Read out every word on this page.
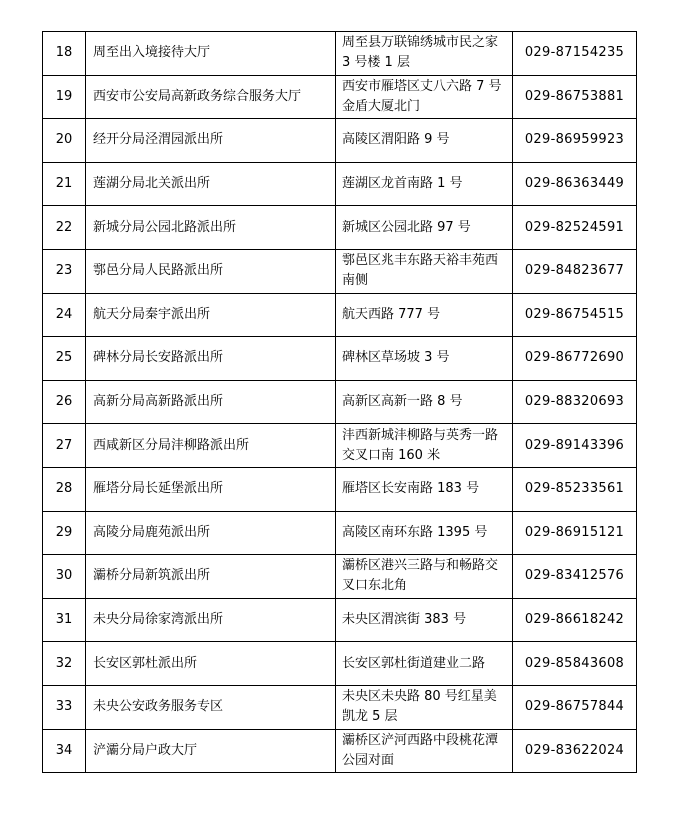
18	周至出入境接待大厅	周至县万联锦绣城市民之家 3 号楼 1 层	029-87154235
19	西安市公安局高新政务综合服务大厅	西安市雁塔区丈八六路 7 号金盾大厦北门	029-86753881
20	经开分局泾渭园派出所	高陵区渭阳路 9 号	029-86959923
21	莲湖分局北关派出所	莲湖区龙首南路 1 号	029-86363449
22	新城分局公园北路派出所	新城区公园北路 97 号	029-82524591
23	鄠邑分局人民路派出所	鄠邑区兆丰东路天裕丰苑西南侧	029-84823677
24	航天分局秦宇派出所	航天西路 777 号	029-86754515
25	碑林分局长安路派出所	碑林区草场坡 3 号	029-86772690
26	高新分局高新路派出所	高新区高新一路 8 号	029-88320693
27	西咸新区分局沣柳路派出所	沣西新城沣柳路与英秀一路交叉口南 160 米	029-89143396
28	雁塔分局长延堡派出所	雁塔区长安南路 183 号	029-85233561
29	高陵分局鹿苑派出所	高陵区南环东路 1395 号	029-86915121
30	灞桥分局新筑派出所	灞桥区港兴三路与和畅路交叉口东北角	029-83412576
31	未央分局徐家湾派出所	未央区渭滨街 383 号	029-86618242
32	长安区郭杜派出所	长安区郭杜街道建业二路	029-85843608
33	未央公安政务服务专区	未央区未央路 80 号红星美凯龙 5 层	029-86757844
34	浐灞分局户政大厅	灞桥区浐河西路中段桃花潭公园对面	029-83622024
